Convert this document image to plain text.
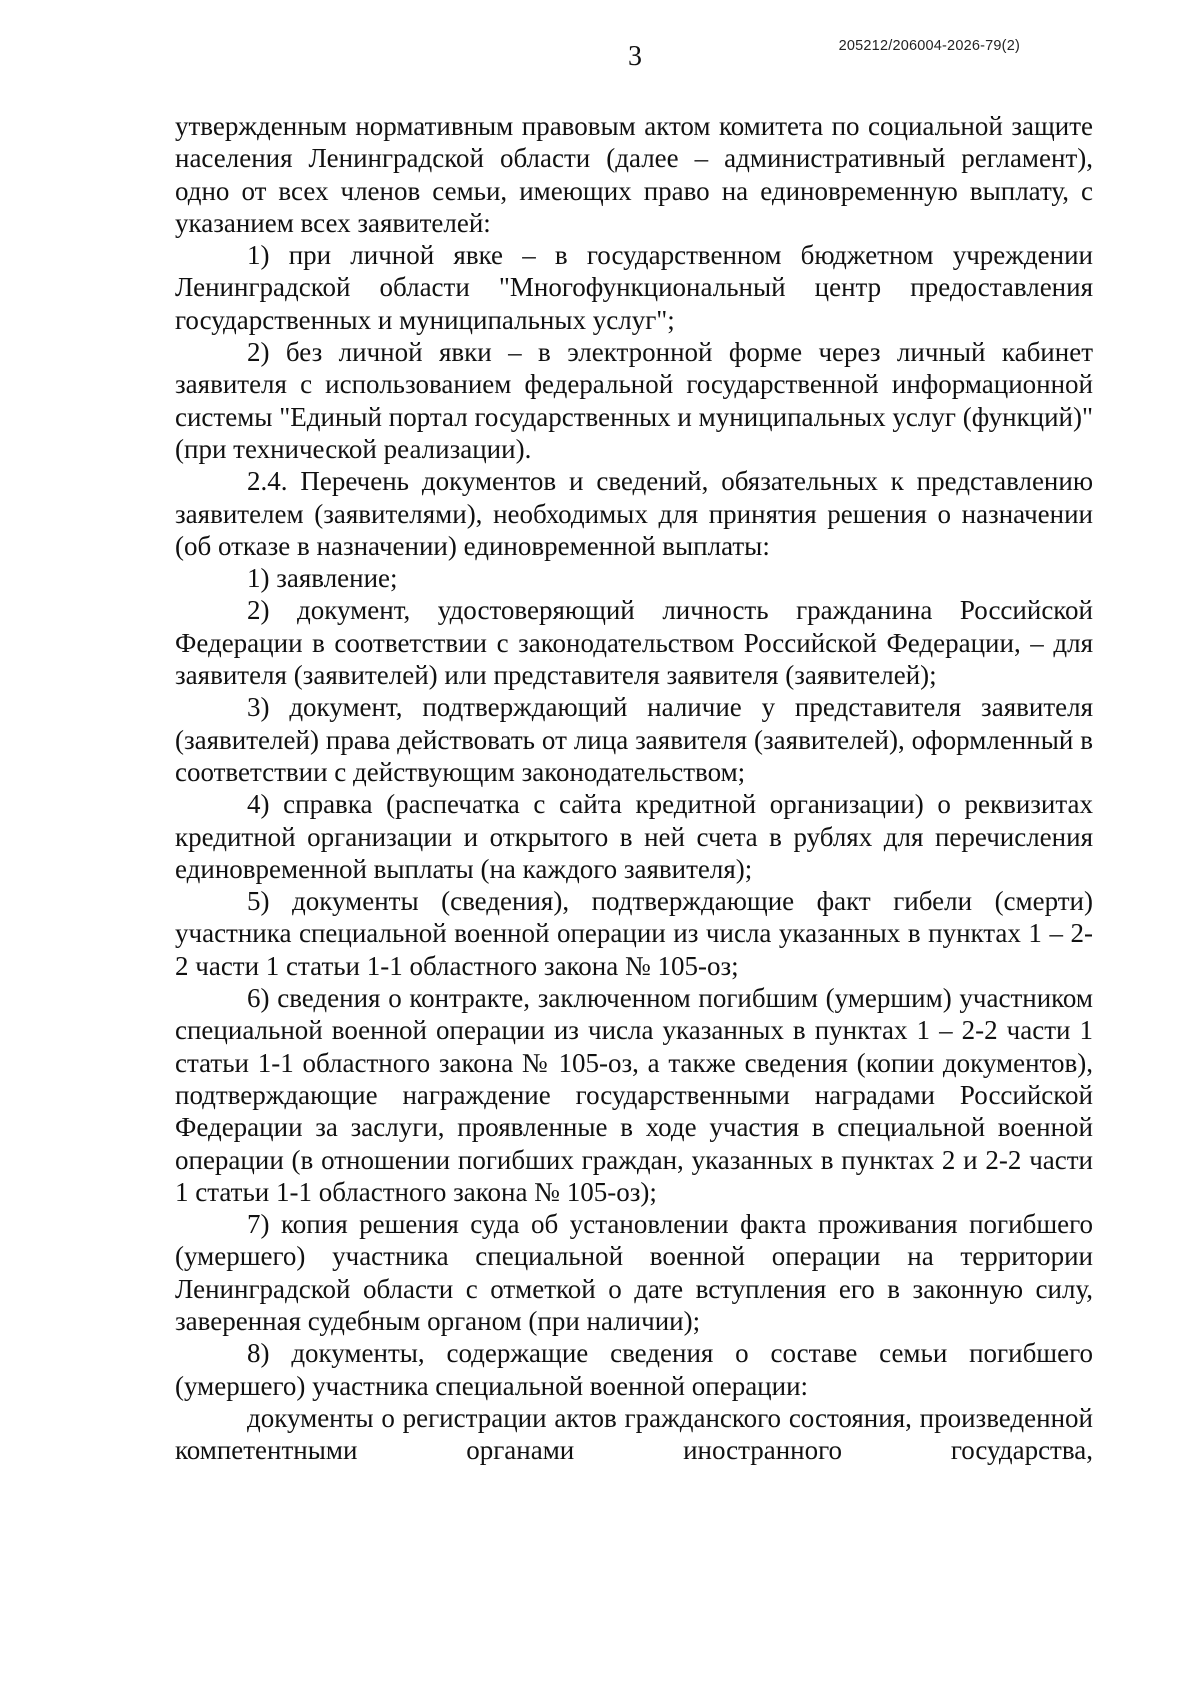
3	205212/206004-2026-79(2)

утвержденным нормативным правовым актом комитета по социальной защите населения Ленинградской области (далее – административный регламент), одно от всех членов семьи, имеющих право на единовременную выплату, с указанием всех заявителей:

1) при личной явке – в государственном бюджетном учреждении Ленинградской области "Многофункциональный центр предоставления государственных и муниципальных услуг";

2) без личной явки – в электронной форме через личный кабинет заявителя с использованием федеральной государственной информационной системы "Единый портал государственных и муниципальных услуг (функций)" (при технической реализации).

2.4. Перечень документов и сведений, обязательных к представлению заявителем (заявителями), необходимых для принятия решения о назначении (об отказе в назначении) единовременной выплаты:

1) заявление;

2) документ, удостоверяющий личность гражданина Российской Федерации в соответствии с законодательством Российской Федерации, – для заявителя (заявителей) или представителя заявителя (заявителей);

3) документ, подтверждающий наличие у представителя заявителя (заявителей) права действовать от лица заявителя (заявителей), оформленный в соответствии с действующим законодательством;

4) справка (распечатка с сайта кредитной организации) о реквизитах кредитной организации и открытого в ней счета в рублях для перечисления единовременной выплаты (на каждого заявителя);

5) документы (сведения), подтверждающие факт гибели (смерти) участника специальной военной операции из числа указанных в пунктах 1 – 2-2 части 1 статьи 1-1 областного закона № 105-оз;

6) сведения о контракте, заключенном погибшим (умершим) участником специальной военной операции из числа указанных в пунктах 1 – 2-2 части 1 статьи 1-1 областного закона № 105-оз, а также сведения (копии документов), подтверждающие награждение государственными наградами Российской Федерации за заслуги, проявленные в ходе участия в специальной военной операции (в отношении погибших граждан, указанных в пунктах 2 и 2-2 части 1 статьи 1-1 областного закона № 105-оз);

7) копия решения суда об установлении факта проживания погибшего (умершего) участника специальной военной операции на территории Ленинградской области с отметкой о дате вступления его в законную силу, заверенная судебным органом (при наличии);

8) документы, содержащие сведения о составе семьи погибшего (умершего) участника специальной военной операции:

документы о регистрации актов гражданского состояния, произведенной компетентными органами иностранного государства,
